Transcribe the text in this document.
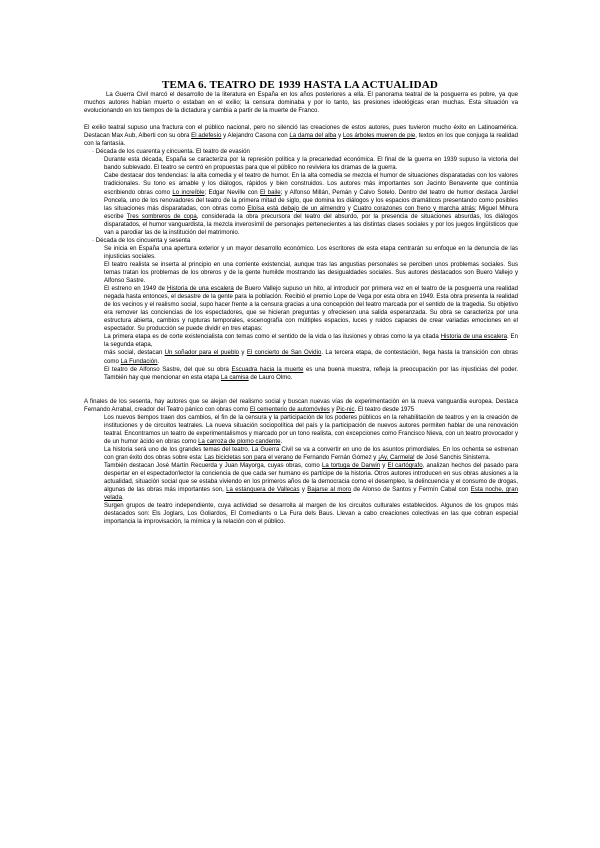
TEMA 6. TEATRO DE 1939 HASTA LA ACTUALIDAD

La Guerra Civil marcó el desarrollo de la literatura en España en los años posteriores a ella. El panorama teatral de la posguerra es pobre, ya que muchos autores habían muerto o estaban en el exilio; la censura dominaba y por lo tanto, las presiones ideológicas eran muchas. Esta situación va evolucionando en los tiempos de la dictadura y cambia a partir de la muerte de Franco.

El exilio teatral supuso una fractura con el público nacional, pero no silenció las creaciones de estos autores, pues tuvieron mucho éxito en Latinoamérica. Destacan Max Aub, Alberti con su obra El adefesio y Alejandro Casona con La dama del alba y Los árboles mueren de pie, textos en los que conjuga la realidad con la fantasía.

· Década de los cuarenta y cincuenta. El teatro de evasión

Durante esta década, España se caracteriza por la represión política y la precariedad económica. El final de la guerra en 1939 supuso la victoria del bando sublevado. El teatro se centró en propuestas para que el público no reviviera los dramas de la guerra.

Cabe destacar dos tendencias: la alta comedia y el teatro de humor. En la alta comedia se mezcla el humor de situaciones disparatadas con los valores tradicionales. Su tono es amable y los diálogos, rápidos y bien construidos. Los autores más importantes son Jacinto Benavente que continúa escribiendo obras como Lo increíble; Edgar Neville con El baile; y Alfonso Millán, Pemán y Calvo Sotelo. Dentro del teatro de humor destaca Jardiel Poncela, uno de los renovadores del teatro de la primera mitad de siglo, que domina los diálogos y los espacios dramáticos presentando como posibles las situaciones más disparatadas, con obras como Eloísa está debajo de un almendro y Cuatro corazones con freno y marcha atrás; Miguel Mihura escribe Tres sombreros de copa, considerada la obra precursora del teatro del absurdo, por la presencia de situaciones absurdas, los diálogos disparatados, el humor vanguardista, la mezcla inverosímil de personajes pertenecientes a las distintas clases sociales y por los juegos lingüísticos que van a parodiar las de la institución del matrimonio.

· Década de los cincuenta y sesenta

Se inicia en España una apertura exterior y un mayor desarrollo económico. Los escritores de esta etapa centrarán su enfoque en la denuncia de las injusticias sociales.

El teatro realista se inserta al principio en una corriente existencial, aunque tras las angustias personales se perciben unos problemas sociales. Sus temas tratan los problemas de los obreros y de la gente humilde mostrando las desigualdades sociales. Sus autores destacados son Buero Vallejo y Alfonso Sastre.

El estreno en 1949 de Historia de una escalera de Buero Vallejo supuso un hito, al introducir por primera vez en el teatro de la posguerra una realidad negada hasta entonces, el desastre de la gente para la población. Recibió el premio Lope de Vega por esta obra en 1949. Esta obra presenta la realidad de los vecinos y el realismo social, supo hacer frente a la censura gracias a una concepción del teatro marcada por el sentido de la tragedia. Su objetivo era remover las conciencias de los espectadores, que se hicieran preguntas y ofreciesen una salida esperanzada. Su obra se caracteriza por una estructura abierta, cambios y rupturas temporales, escenografía con múltiples espacios, luces y ruidos capaces de crear variadas emociones en el espectador. Su producción se puede dividir en tres etapas:

La primera etapa es de corte existencialista con temas como el sentido de la vida o las ilusiones y obras como la ya citada Historia de una escalera. En la segunda etapa,

más social, destacan Un soñador para el pueblo y El concierto de San Ovidio. La tercera etapa, de contestación, llega hasta la transición con obras como La Fundación.

El teatro de Alfonso Sastre, del que su obra Escuadra hacia la muerte es una buena muestra, refleja la preocupación por las injusticias del poder. También hay que mencionar en esta etapa La camisa de Lauro Olmo.

A finales de los sesenta, hay autores que se alejan del realismo social y buscan nuevas vías de experimentación en la nueva vanguardia europea. Destaca Fernando Arrabal, creador del Teatro pánico con obras como El cementerio de automóviles y Pic-nic. El teatro desde 1975

Los nuevos tiempos traen dos cambios, el fin de la censura y la participación de los poderes públicos en la rehabilitación de teatros y en la creación de instituciones y de circuitos teatrales. La nueva situación sociopolítica del país y la participación de nuevos autores permiten hablar de una renovación teatral. Encontramos un teatro de experimentalismos y marcado por un tono realista, con excepciones como Francisco Nieva, con un teatro provocador y de un humor ácido en obras como La carroza de plomo candente.

La historia será uno de los grandes temas del teatro. La Guerra Civil se va a convertir en uno de los asuntos primordiales. En los ochenta se estrenan con gran éxito dos obras sobre esta: Las bicicletas son para el verano de Fernando Fernán Gómez y ¡Ay, Carmela! de José Sanchis Sinisterra.

También destacan José Martín Recuerda y Juan Mayorga, cuyas obras, como La tortuga de Darwin y El cartógrafo, analizan hechos del pasado para despertar en el espectador/lector la conciencia de que cada ser humano es partícipe de la historia. Otros autores introducen en sus obras alusiones a la actualidad, situación social que se estaba viviendo en los primeros años de la democracia como el desempleo, la delincuencia y el consumo de drogas, algunas de las obras más importantes son, La estanquera de Vallecas y Bajarse al moro de Alonso de Santos y Fermín Cabal con Esta noche, gran velada.

Surgen grupos de teatro independiente, cuya actividad se desarrolla al margen de los circuitos culturales establecidos. Algunos de los grupos más destacados son: Els Joglars, Los Goliardos, El Comediants o La Fura dels Baus. Llevan a cabo creaciones colectivas en las que cobran especial importancia la improvisación, la mímica y la relación con el público.
